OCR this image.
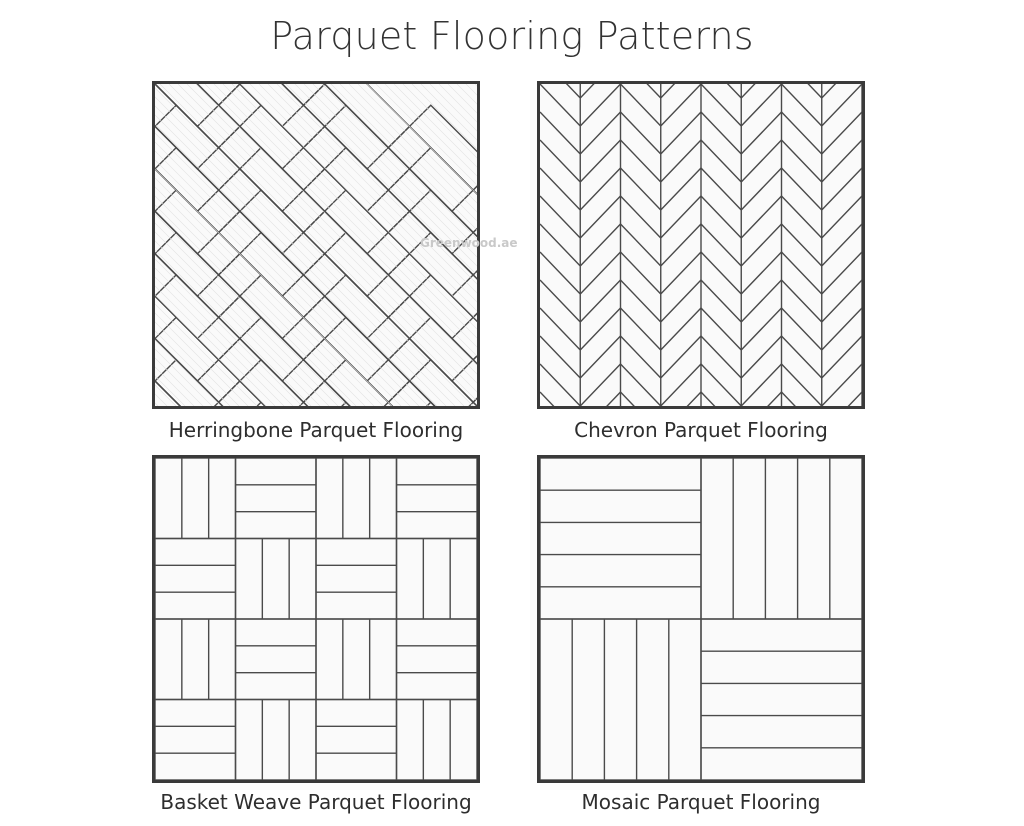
Parquet Flooring Patterns
Herringbone Parquet Flooring	Chevron Parquet Flooring
Basket Weave Parquet Flooring	Mosaic Parquet Flooring
Greenwood.ae
